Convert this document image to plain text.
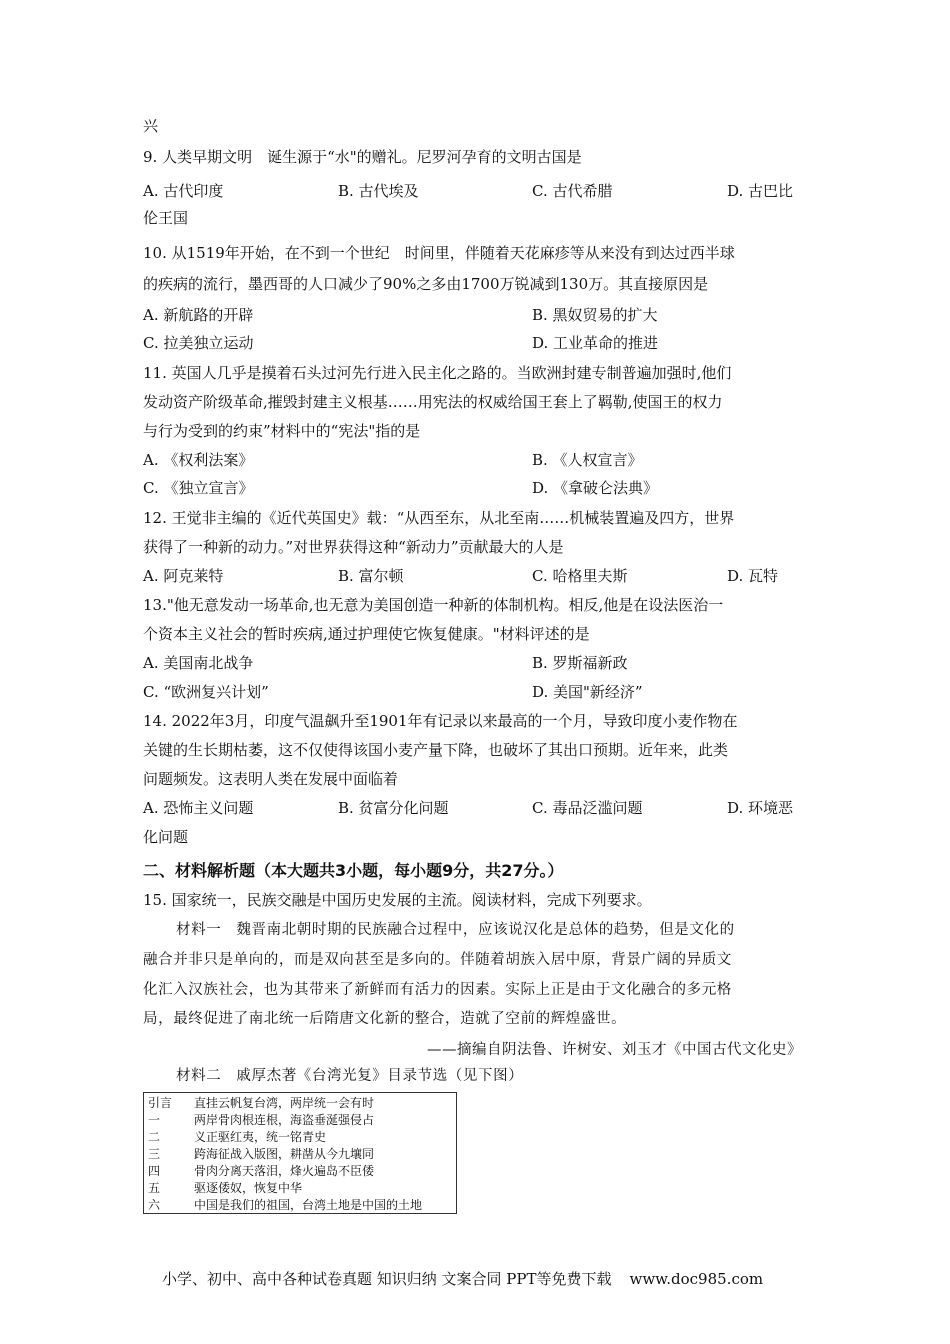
兴
9. 人类早期文明　诞生源于“水"的赠礼。尼罗河孕育的文明古国是
A. 古代印度	B. 古代埃及	C. 古代希腊	D. 古巴比
伦王国
10. 从1519年开始，在不到一个世纪　时间里，伴随着天花麻疹等从来没有到达过西半球
的疾病的流行，墨西哥的人口减少了90%之多由1700万锐减到130万。其直接原因是
A. 新航路的开辟	B. 黑奴贸易的扩大
C. 拉美独立运动	D. 工业革命的推进
11. 英国人几乎是摸着石头过河先行进入民主化之路的。当欧洲封建专制普遍加强时,他们
发动资产阶级革命,摧毁封建主义根基……用宪法的权威给国王套上了羁勒,使国王的权力
与行为受到的约束”材料中的“宪法"指的是
A. 《权利法案》	B. 《人权宣言》
C. 《独立宣言》	D. 《拿破仑法典》
12. 王觉非主编的《近代英国史》载：“从西至东，从北至南……机械装置遍及四方，世界
获得了一种新的动力。”对世界获得这种“新动力”贡献最大的人是
A. 阿克莱特	B. 富尔顿	C. 哈格里夫斯	D. 瓦特
13."他无意发动一场革命,也无意为美国创造一种新的体制机构。相反,他是在设法医治一
个资本主义社会的暂时疾病,通过护理使它恢复健康。"材料评述的是
A. 美国南北战争	B. 罗斯福新政
C. “欧洲复兴计划”	D. 美国"新经济”
14. 2022年3月，印度气温飙升至1901年有记录以来最高的一个月，导致印度小麦作物在
关键的生长期枯萎，这不仅使得该国小麦产量下降，也破坏了其出口预期。近年来，此类
问题频发。这表明人类在发展中面临着
A. 恐怖主义问题	B. 贫富分化问题	C. 毒品泛滥问题	D. 环境恶
化问题
二、材料解析题（本大题共3小题，每小题9分，共27分。）
15. 国家统一，民族交融是中国历史发展的主流。阅读材料，完成下列要求。
材料一　魏晋南北朝时期的民族融合过程中，应该说汉化是总体的趋势，但是文化的
融合并非只是单向的，而是双向甚至是多向的。伴随着胡族入居中原，背景广阔的异质文
化汇入汉族社会，也为其带来了新鲜而有活力的因素。实际上正是由于文化融合的多元格
局，最终促进了南北统一后隋唐文化新的整合，造就了空前的辉煌盛世。
——摘编自阴法鲁、许树安、刘玉才《中国古代文化史》
材料二　戚厚杰著《台湾光复》目录节选（见下图）
引言 直挂云帆复台湾，两岸统一会有时
一	两岸骨肉根连根，海盗垂涎强侵占
二	义正驱红夷，统一铭青史
三	跨海征战入版图，耕凿从今九壤同
四	骨肉分离天落泪，烽火遍岛不臣倭
五	驱逐倭奴，恢复中华
六	中国是我们的祖国，台湾土地是中国的土地
小学、初中、高中各种试卷真题 知识归纳 文案合同 PPT等免费下载 www.doc985.com
